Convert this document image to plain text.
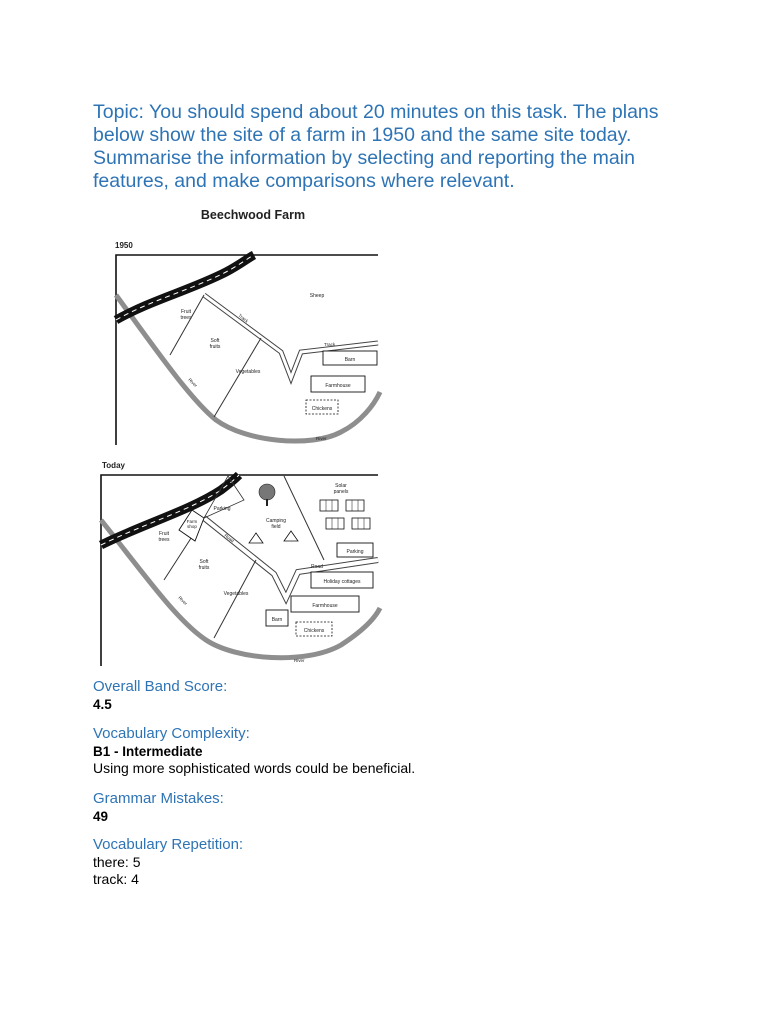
Topic: You should spend about 20 minutes on this task. The plans below show the site of a farm in 1950 and the same site today. Summarise the information by selecting and reporting the main features, and make comparisons where relevant.

Beechwood Farm
1950
Fruit trees
Soft fruits
Vegetables
Sheep
Track
Track
River
River
Barn
Farmhouse
Chickens
Today
Farm shop
Parking
Camping field
Solar panels
Fruit trees
Soft fruits
Vegetables
Road
Road
River
River
Parking
Holiday cottages
Farmhouse
Barn
Chickens
Overall Band Score:
4.5
Vocabulary Complexity:
B1 - Intermediate
Using more sophisticated words could be beneficial.
Grammar Mistakes:
49
Vocabulary Repetition:
there: 5
track: 4
